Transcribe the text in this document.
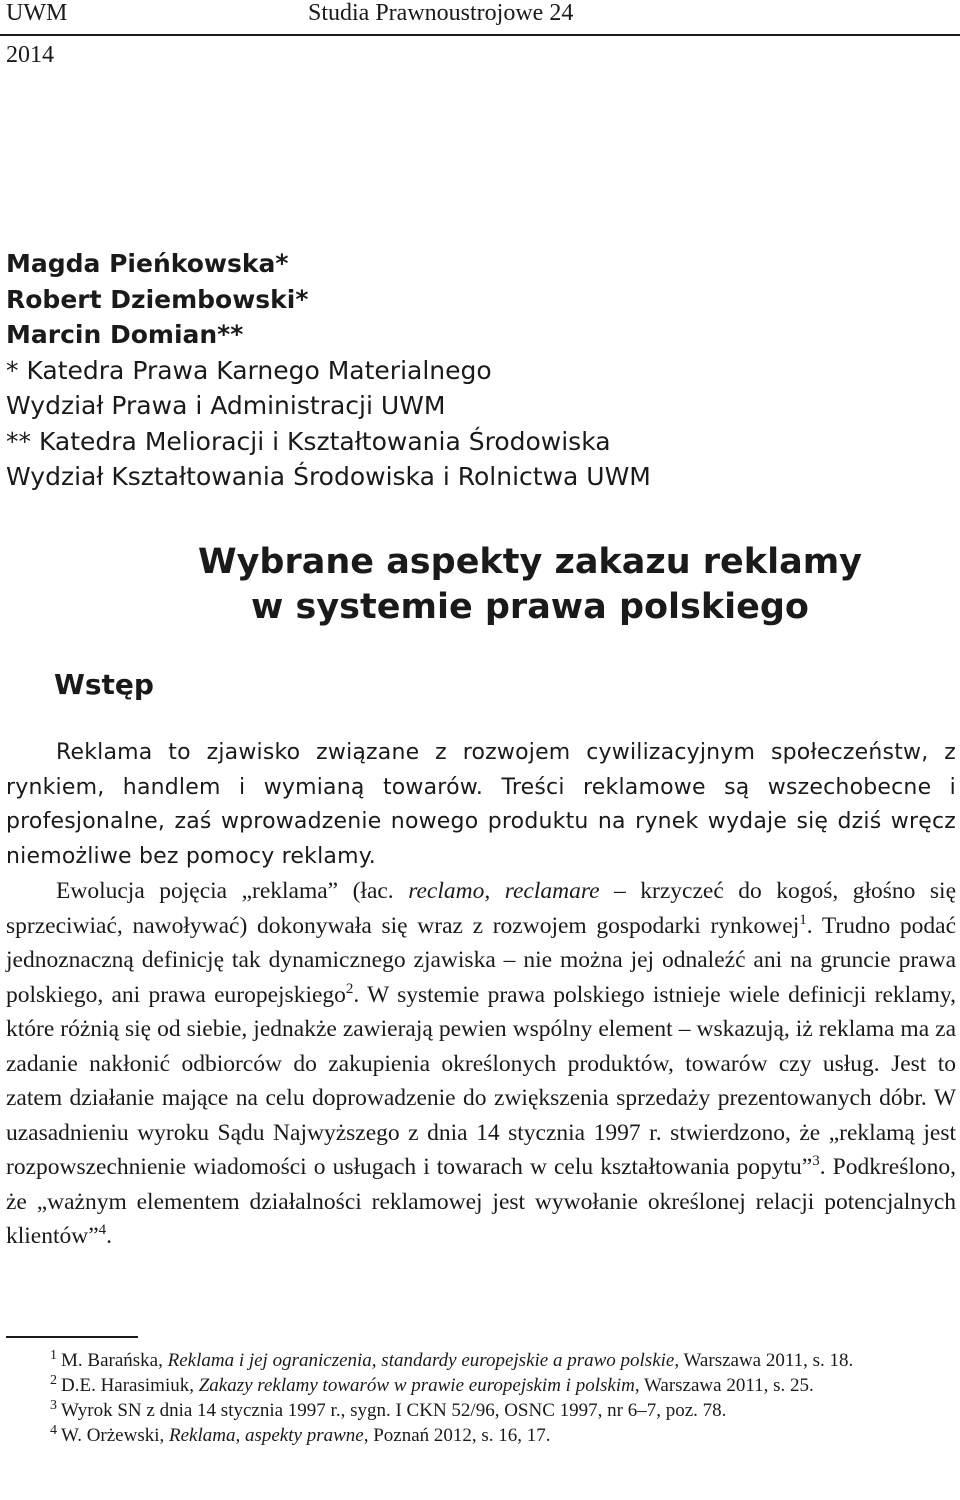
UWM	Studia Prawnoustrojowe 24
2014
Magda Pieńkowska*
Robert Dziembowski*
Marcin Domian**
* Katedra Prawa Karnego Materialnego
Wydział Prawa i Administracji UWM
** Katedra Melioracji i Kształtowania Środowiska
Wydział Kształtowania Środowiska i Rolnictwa UWM
Wybrane aspekty zakazu reklamy
w systemie prawa polskiego
Wstęp

Reklama to zjawisko związane z rozwojem cywilizacyjnym społeczeństw, z rynkiem, handlem i wymianą towarów. Treści reklamowe są wszechobecne i profesjonalne, zaś wprowadzenie nowego produktu na rynek wydaje się dziś wręcz niemożliwe bez pomocy reklamy.

Ewolucja pojęcia „reklama” (łac. reclamo, reclamare – krzyczeć do kogoś, głośno się sprzeciwiać, nawoływać) dokonywała się wraz z rozwojem gospodarki rynkowej$^1$. Trudno podać jednoznaczną definicję tak dynamicznego zjawiska – nie można jej odnaleźć ani na gruncie prawa polskiego, ani prawa europejskiego$^2$. W systemie prawa polskiego istnieje wiele definicji reklamy, które różnią się od siebie, jednakże zawierają pewien wspólny element – wskazują, iż reklama ma za zadanie nakłonić odbiorców do zakupienia określonych produktów, towarów czy usług. Jest to zatem działanie mające na celu doprowadzenie do zwiększenia sprzedaży prezentowanych dóbr. W uzasadnieniu wyroku Sądu Najwyższego z dnia 14 stycznia 1997 r. stwierdzono, że „reklamą jest rozpowszechnienie wiadomości o usługach i towarach w celu kształtowania popytu”$^3$. Podkreślono, że „ważnym elementem działalności reklamowej jest wywołanie określonej relacji potencjalnych klientów”$^4$.

$^1$ M. Barańska, Reklama i jej ograniczenia, standardy europejskie a prawo polskie, Warszawa 2011, s. 18.

$^2$ D.E. Harasimiuk, Zakazy reklamy towarów w prawie europejskim i polskim, Warszawa 2011, s. 25.

$^3$ Wyrok SN z dnia 14 stycznia 1997 r., sygn. I CKN 52/96, OSNC 1997, nr 6–7, poz. 78.

$^4$ W. Orżewski, Reklama, aspekty prawne, Poznań 2012, s. 16, 17.
